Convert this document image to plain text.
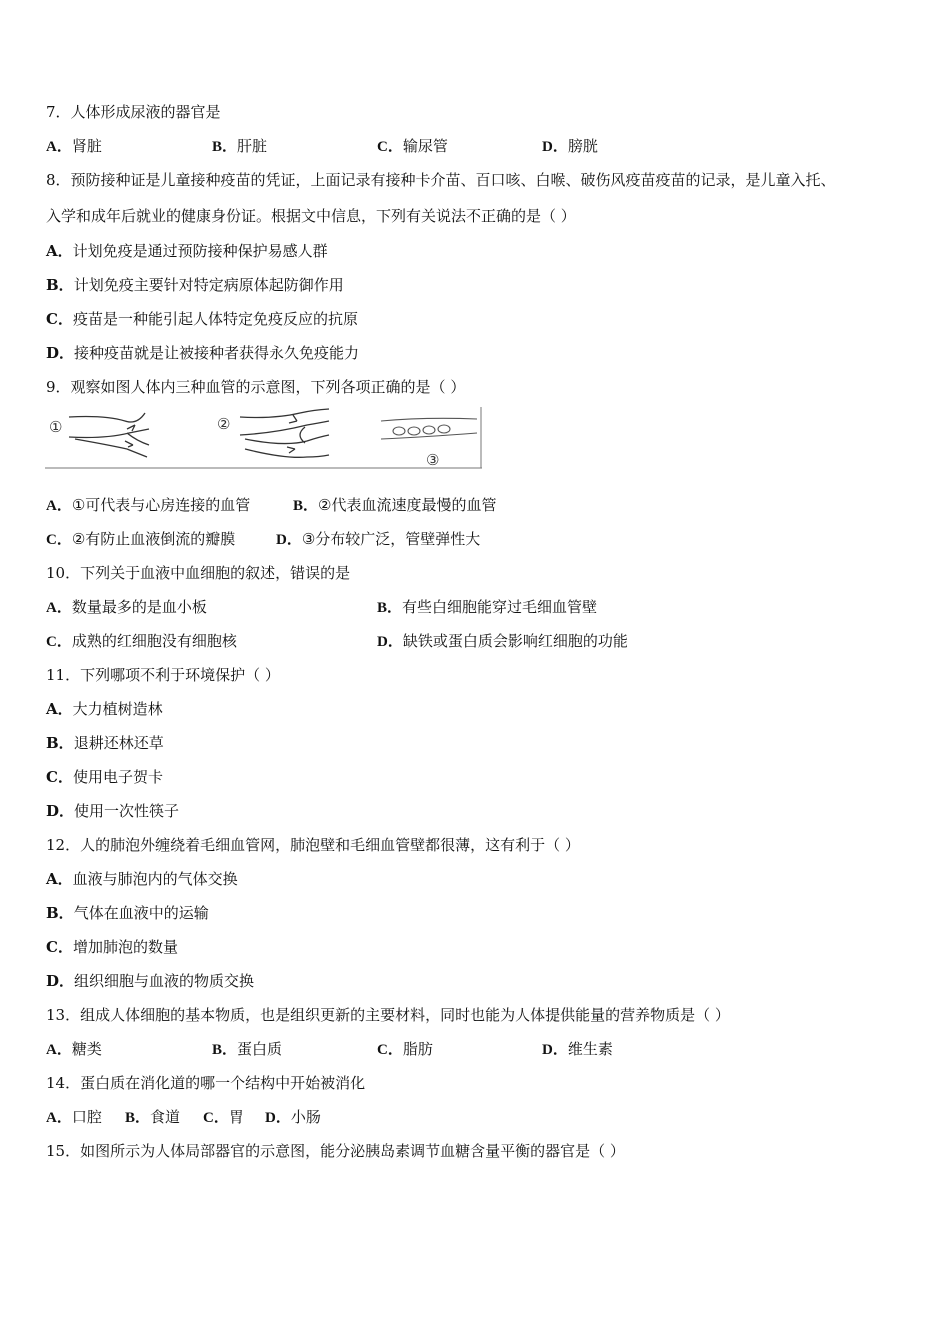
7．人体形成尿液的器官是
A．肾脏	B．肝脏	C．输尿管	D．膀胱
8．预防接种证是儿童接种疫苗的凭证，上面记录有接种卡介苗、百口咳、白喉、破伤风疫苗疫苗的记录，是儿童入托、
入学和成年后就业的健康身份证。根据文中信息，下列有关说法不正确的是（ ）
A．计划免疫是通过预防接种保护易感人群
B．计划免疫主要针对特定病原体起防御作用
C．疫苗是一种能引起人体特定免疫反应的抗原
D．接种疫苗就是让被接种者获得永久免疫能力
9．观察如图人体内三种血管的示意图，下列各项正确的是（ ）
①	②
③
A．①可代表与心房连接的血管	B．②代表血流速度最慢的血管
C．②有防止血液倒流的瓣膜	D．③分布较广泛，管壁弹性大
10．下列关于血液中血细胞的叙述，错误的是
A．数量最多的是血小板	B．有些白细胞能穿过毛细血管壁
C．成熟的红细胞没有细胞核	D．缺铁或蛋白质会影响红细胞的功能
11．下列哪项不利于环境保护（ ）
A．大力植树造林
B．退耕还林还草
C．使用电子贺卡
D．使用一次性筷子
12．人的肺泡外缠绕着毛细血管网，肺泡壁和毛细血管壁都很薄，这有利于（ ）
A．血液与肺泡内的气体交换
B．气体在血液中的运输
C．增加肺泡的数量
D．组织细胞与血液的物质交换
13．组成人体细胞的基本物质，也是组织更新的主要材料，同时也能为人体提供能量的营养物质是（ ）
A．糖类	B．蛋白质	C．脂肪	D．维生素
14．蛋白质在消化道的哪一个结构中开始被消化
A．口腔 B．食道 C．胃 D．小肠
15．如图所示为人体局部器官的示意图，能分泌胰岛素调节血糖含量平衡的器官是（ ）
